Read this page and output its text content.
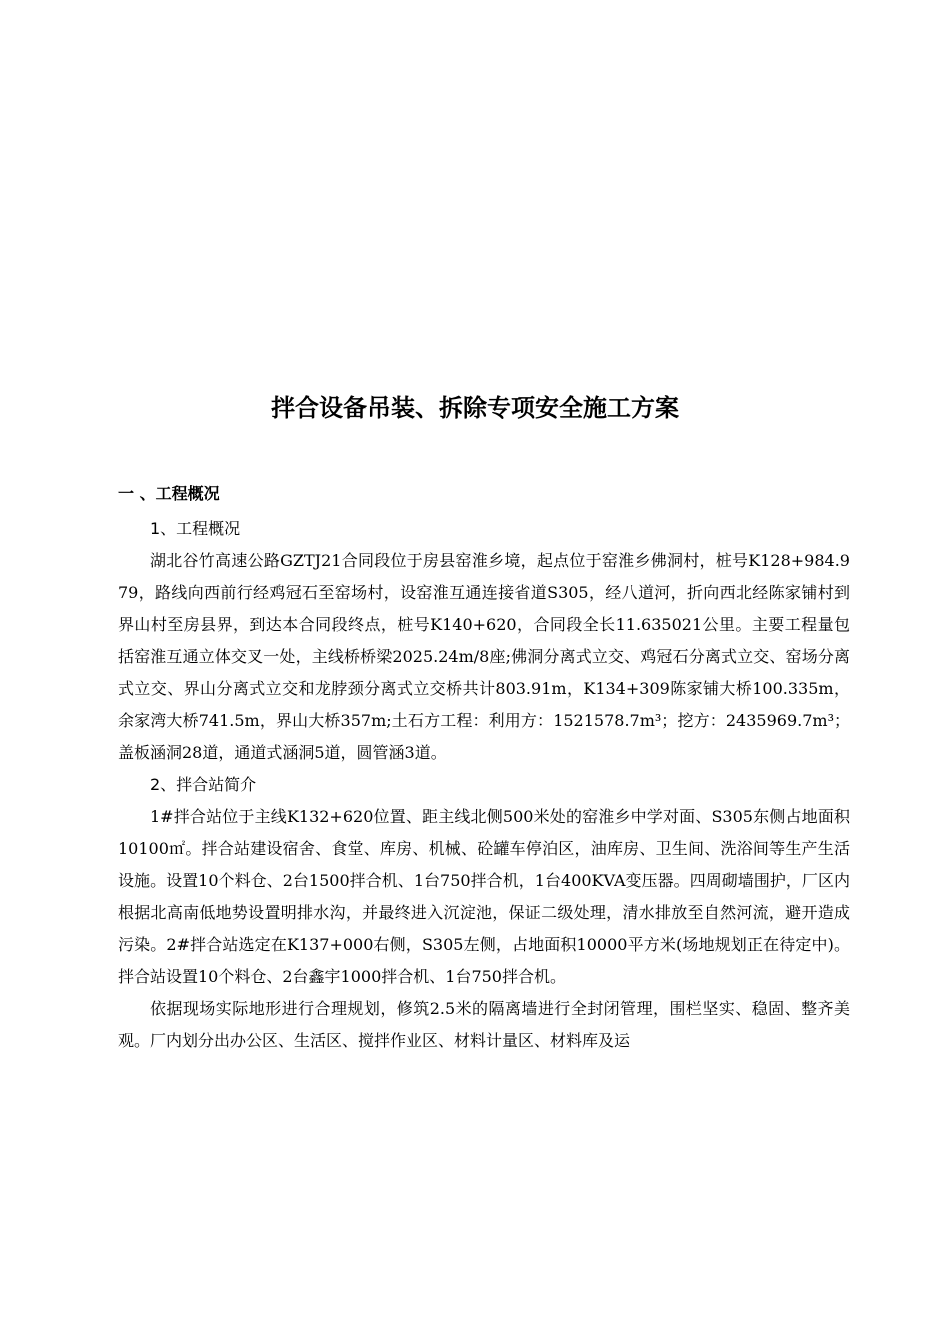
拌合设备吊装、拆除专项安全施工方案
一 、工程概况

1、工程概况

湖北谷竹高速公路GZTJ21合同段位于房县窑淮乡境，起点位于窑淮乡佛洞村，桩号K128+984.979，路线向西前行经鸡冠石至窑场村，设窑淮互通连接省道S305，经八道河，折向西北经陈家铺村到界山村至房县界，到达本合同段终点，桩号K140+620，合同段全长11.635021公里。主要工程量包括窑淮互通立体交叉一处，主线桥桥梁2025.24m/8座;佛洞分离式立交、鸡冠石分离式立交、窑场分离式立交、界山分离式立交和龙脖颈分离式立交桥共计803.91m，K134+309陈家铺大桥100.335m，余家湾大桥741.5m，界山大桥357m;土石方工程：利用方：1521578.7m³；挖方：2435969.7m³；盖板涵洞28道，通道式涵洞5道，圆管涵3道。

2、拌合站简介

1#拌合站位于主线K132+620位置、距主线北侧500米处的窑淮乡中学对面、S305东侧占地面积10100㎡。拌合站建设宿舍、食堂、库房、机械、砼罐车停泊区，油库房、卫生间、洗浴间等生产生活设施。设置10个料仓、2台1500拌合机、1台750拌合机，1台400KVA变压器。四周砌墙围护，厂区内根据北高南低地势设置明排水沟，并最终进入沉淀池，保证二级处理，清水排放至自然河流，避开造成污染。2#拌合站选定在K137+000右侧，S305左侧，占地面积10000平方米(场地规划正在待定中)。拌合站设置10个料仓、2台鑫宇1000拌合机、1台750拌合机。

依据现场实际地形进行合理规划，修筑2.5米的隔离墙进行全封闭管理，围栏坚实、稳固、整齐美观。厂内划分出办公区、生活区、搅拌作业区、材料计量区、材料库及运
